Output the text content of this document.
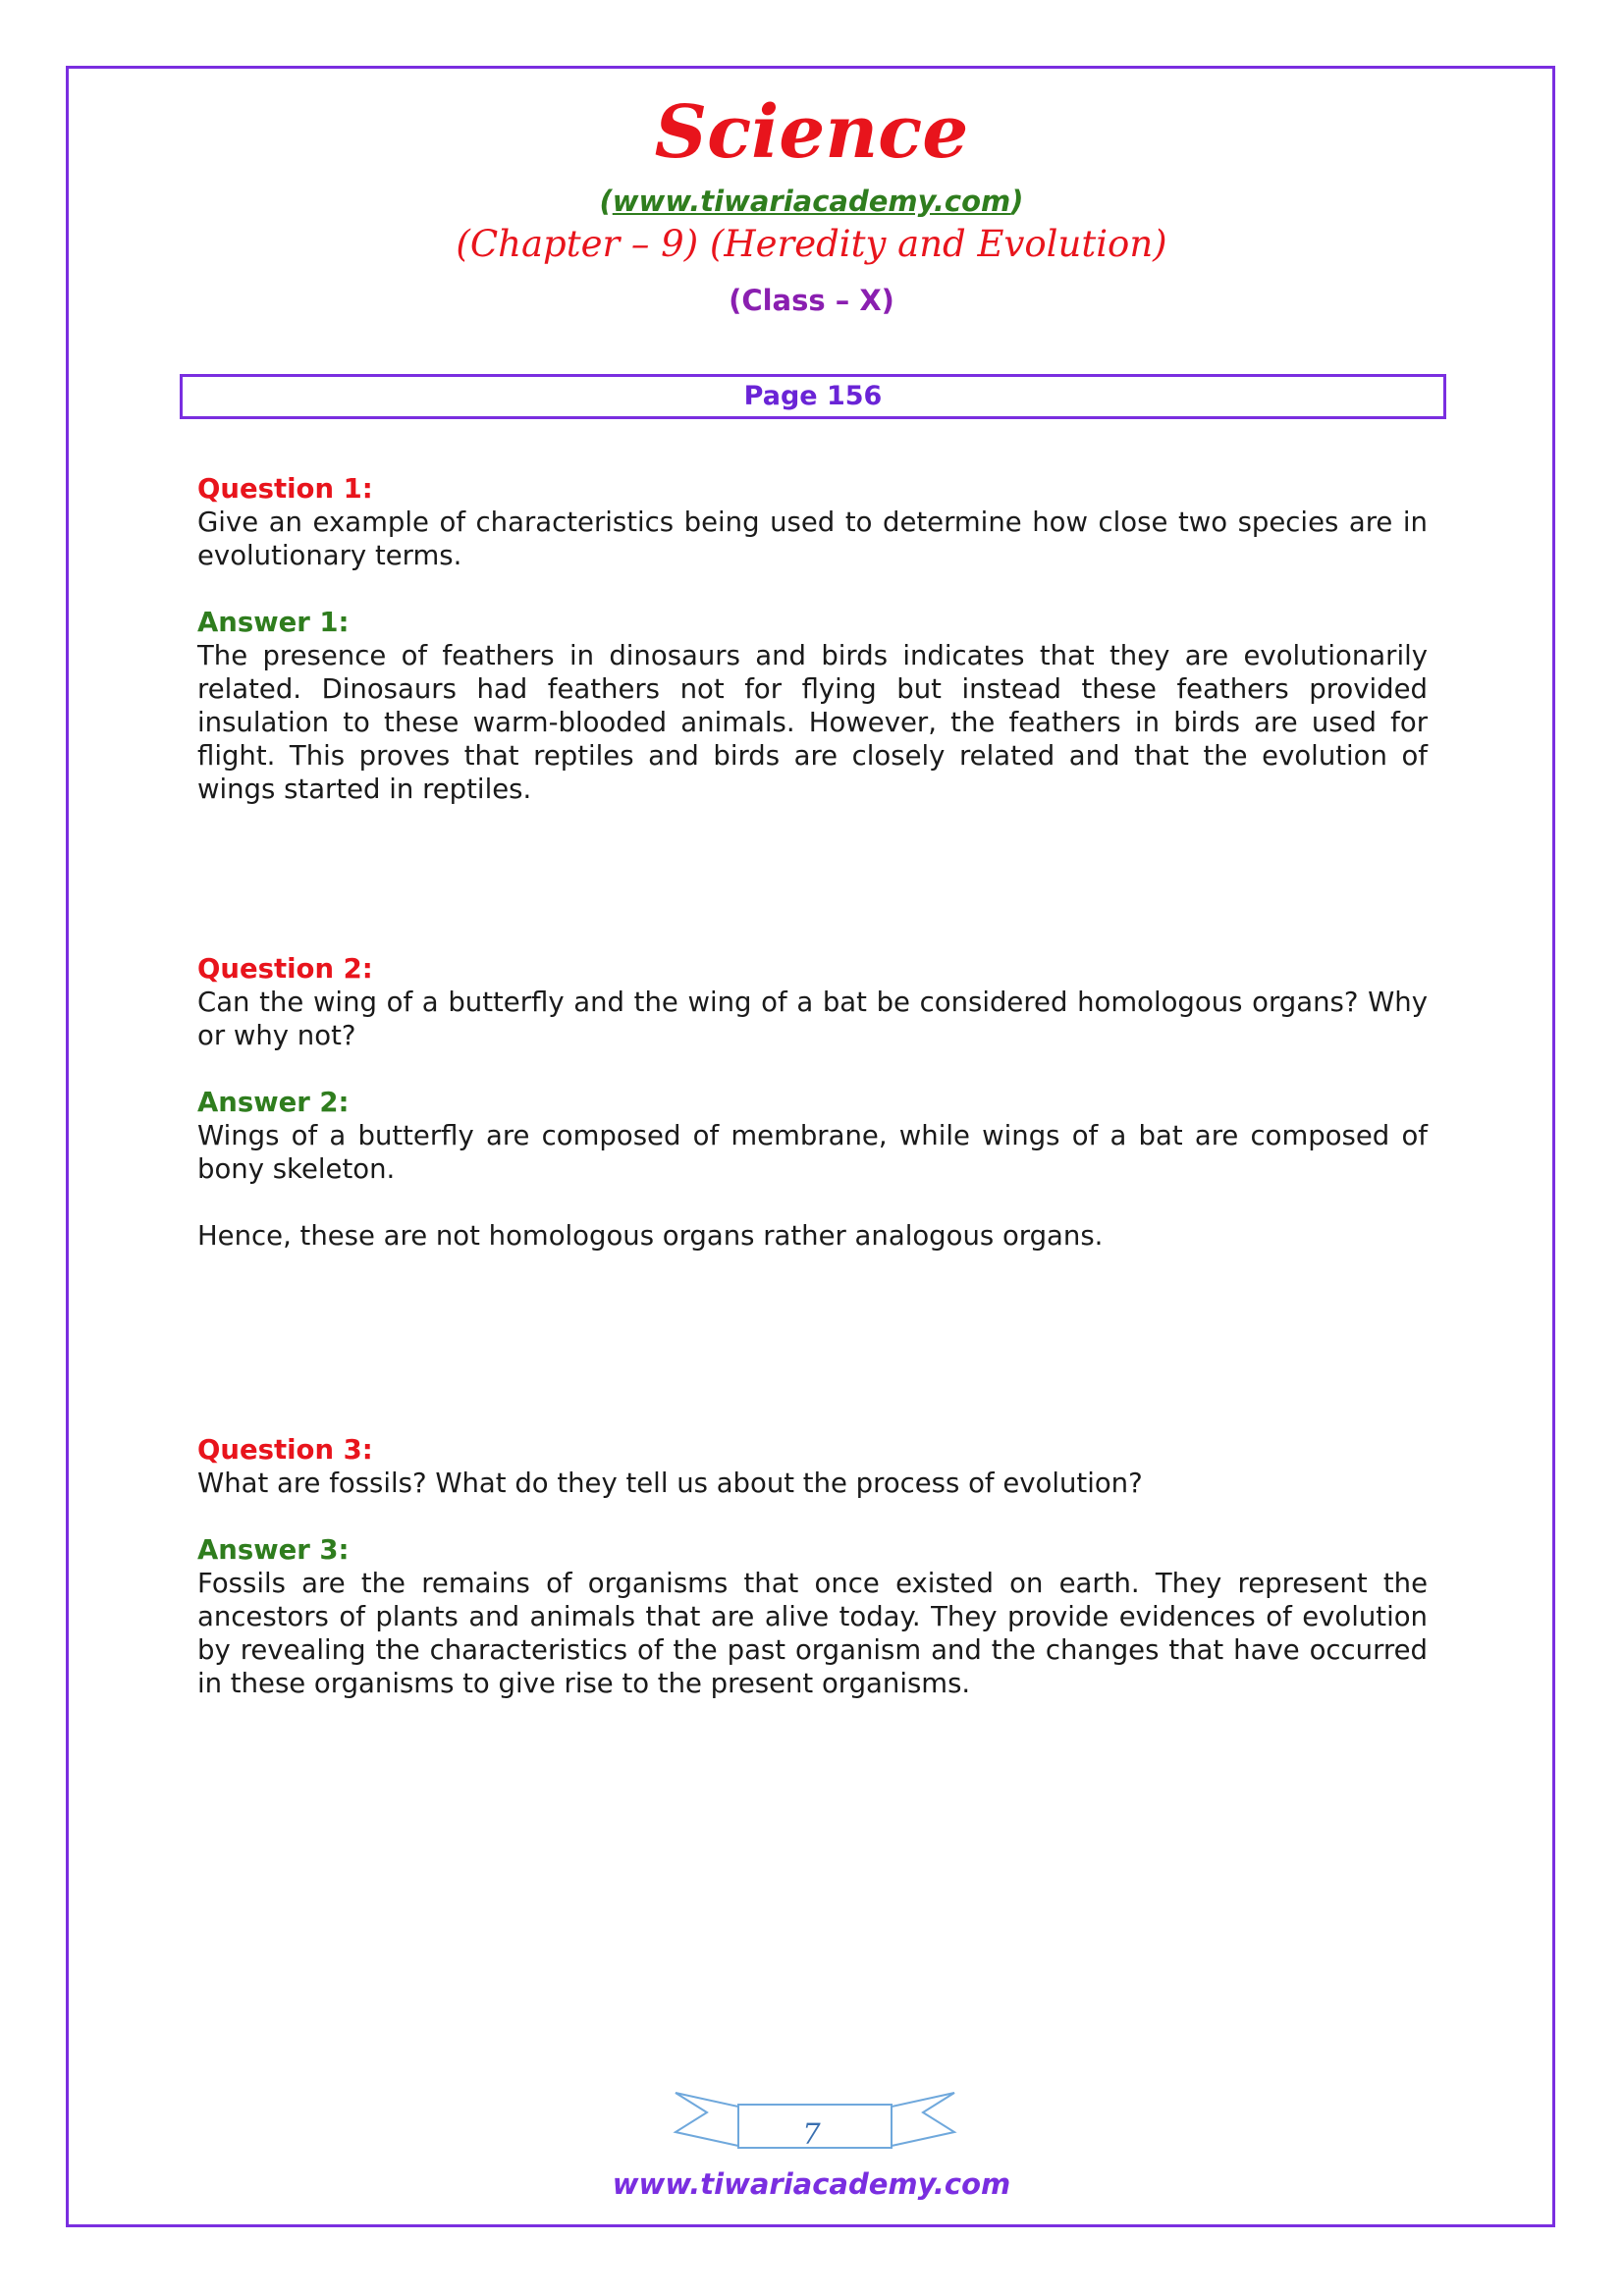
Science
(www.tiwariacademy.com)
(Chapter – 9) (Heredity and Evolution)
(Class – X)
Page 156

Question 1:

Give an example of characteristics being used to determine how close two species are in evolutionary terms.

Answer 1:

The presence of feathers in dinosaurs and birds indicates that they are evolutionarily related. Dinosaurs had feathers not for flying but instead these feathers provided insulation to these warm-blooded animals. However, the feathers in birds are used for flight. This proves that reptiles and birds are closely related and that the evolution of wings started in reptiles.

Question 2:

Can the wing of a butterfly and the wing of a bat be considered homologous organs? Why or why not?

Answer 2:

Wings of a butterfly are composed of membrane, while wings of a bat are composed of bony skeleton.

Hence, these are not homologous organs rather analogous organs.

Question 3:

What are fossils? What do they tell us about the process of evolution?

Answer 3:

Fossils are the remains of organisms that once existed on earth. They represent the ancestors of plants and animals that are alive today. They provide evidences of evolution by revealing the characteristics of the past organism and the changes that have occurred in these organisms to give rise to the present organisms.

7
www.tiwariacademy.com
